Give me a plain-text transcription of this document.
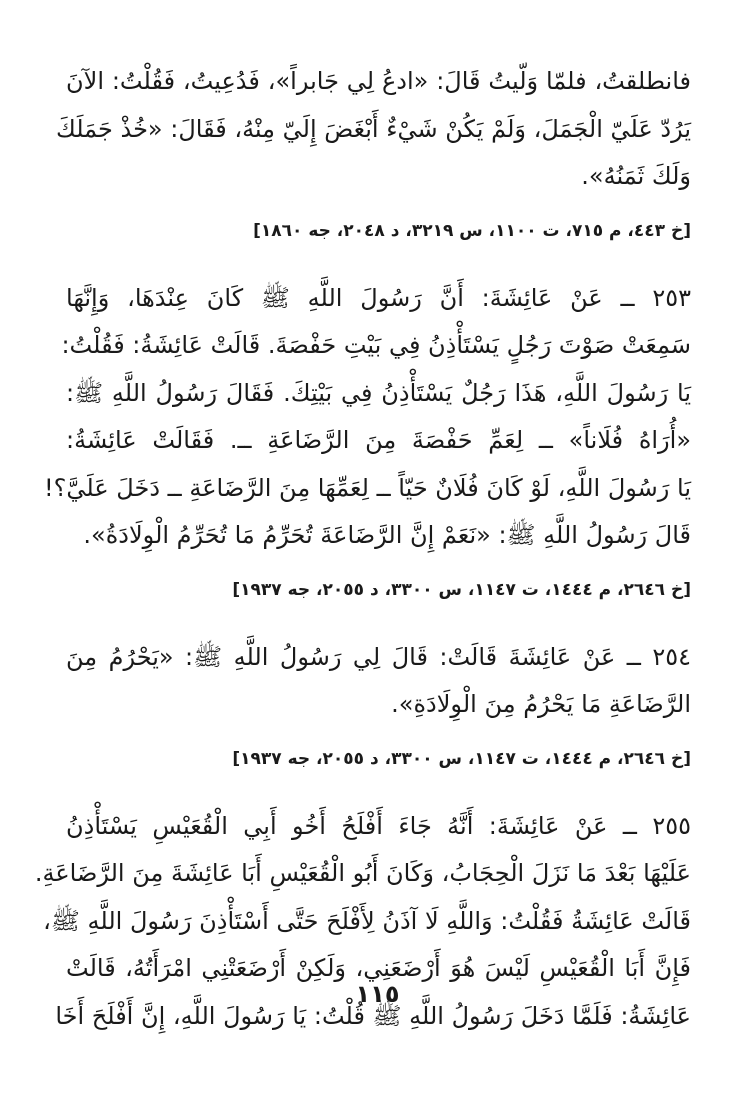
فانطلقتُ، فلمّا وَلّيتُ قَالَ: «ادعُ لِي جَابراً»، فَدُعِيتُ، فَقُلْتُ: الآنَ
يَرُدّ عَلَيّ الْجَمَلَ، وَلَمْ يَكُنْ شَيْءٌ أَبْغَضَ إِلَيّ مِنْهُ، فَقَالَ: «خُذْ جَمَلَكَ
وَلَكَ ثَمَنُهُ».

[خ ٤٤٣، م ٧١٥، ت ١١٠٠، س ٣٢١٩، د ٢٠٤٨، جه ١٨٦٠]

٢٥٣ ــ عَنْ عَائِشَةَ: أَنَّ رَسُولَ اللَّهِ ﷺ كَانَ عِنْدَهَا، وَإِنَّهَا
سَمِعَتْ صَوْتَ رَجُلٍ يَسْتَأْذِنُ فِي بَيْتِ حَفْصَةَ. قَالَتْ عَائِشَةُ: فَقُلْتُ:
يَا رَسُولَ اللَّهِ، هَذَا رَجُلٌ يَسْتَأْذِنُ فِي بَيْتِكَ. فَقَالَ رَسُولُ اللَّهِ ﷺ:
«أُرَاهُ فُلَاناً» ــ لِعَمِّ حَفْصَةَ مِنَ الرَّضَاعَةِ ــ. فَقَالَتْ عَائِشَةُ:
يَا رَسُولَ اللَّهِ، لَوْ كَانَ فُلَانٌ حَيّاً ــ لِعَمِّهَا مِنَ الرَّضَاعَةِ ــ دَخَلَ عَلَيَّ؟!
قَالَ رَسُولُ اللَّهِ ﷺ: «نَعَمْ إِنَّ الرَّضَاعَةَ تُحَرِّمُ مَا تُحَرِّمُ الْوِلَادَةُ».

[خ ٢٦٤٦، م ١٤٤٤، ت ١١٤٧، س ٣٣٠٠، د ٢٠٥٥، جه ١٩٣٧]

٢٥٤ ــ عَنْ عَائِشَةَ قَالَتْ: قَالَ لِي رَسُولُ اللَّهِ ﷺ: «يَحْرُمُ مِنَ
الرَّضَاعَةِ مَا يَحْرُمُ مِنَ الْوِلَادَةِ».

[خ ٢٦٤٦، م ١٤٤٤، ت ١١٤٧، س ٣٣٠٠، د ٢٠٥٥، جه ١٩٣٧]

٢٥٥ ــ عَنْ عَائِشَةَ: أَنَّهُ جَاءَ أَفْلَحُ أَخُو أَبِي الْقُعَيْسِ يَسْتَأْذِنُ
عَلَيْهَا بَعْدَ مَا نَزَلَ الْحِجَابُ، وَكَانَ أَبُو الْقُعَيْسِ أَبَا عَائِشَةَ مِنَ الرَّضَاعَةِ.
قَالَتْ عَائِشَةُ فَقُلْتُ: وَاللَّهِ لَا آذَنُ لِأَفْلَحَ حَتَّى أَسْتَأْذِنَ رَسُولَ اللَّهِ ﷺ،
فَإِنَّ أَبَا الْقُعَيْسِ لَيْسَ هُوَ أَرْضَعَنِي، وَلَكِنْ أَرْضَعَتْنِي امْرَأَتُهُ، قَالَتْ
عَائِشَةُ: فَلَمَّا دَخَلَ رَسُولُ اللَّهِ ﷺ قُلْتُ: يَا رَسُولَ اللَّهِ، إِنَّ أَفْلَحَ أَخَا

١١٥
